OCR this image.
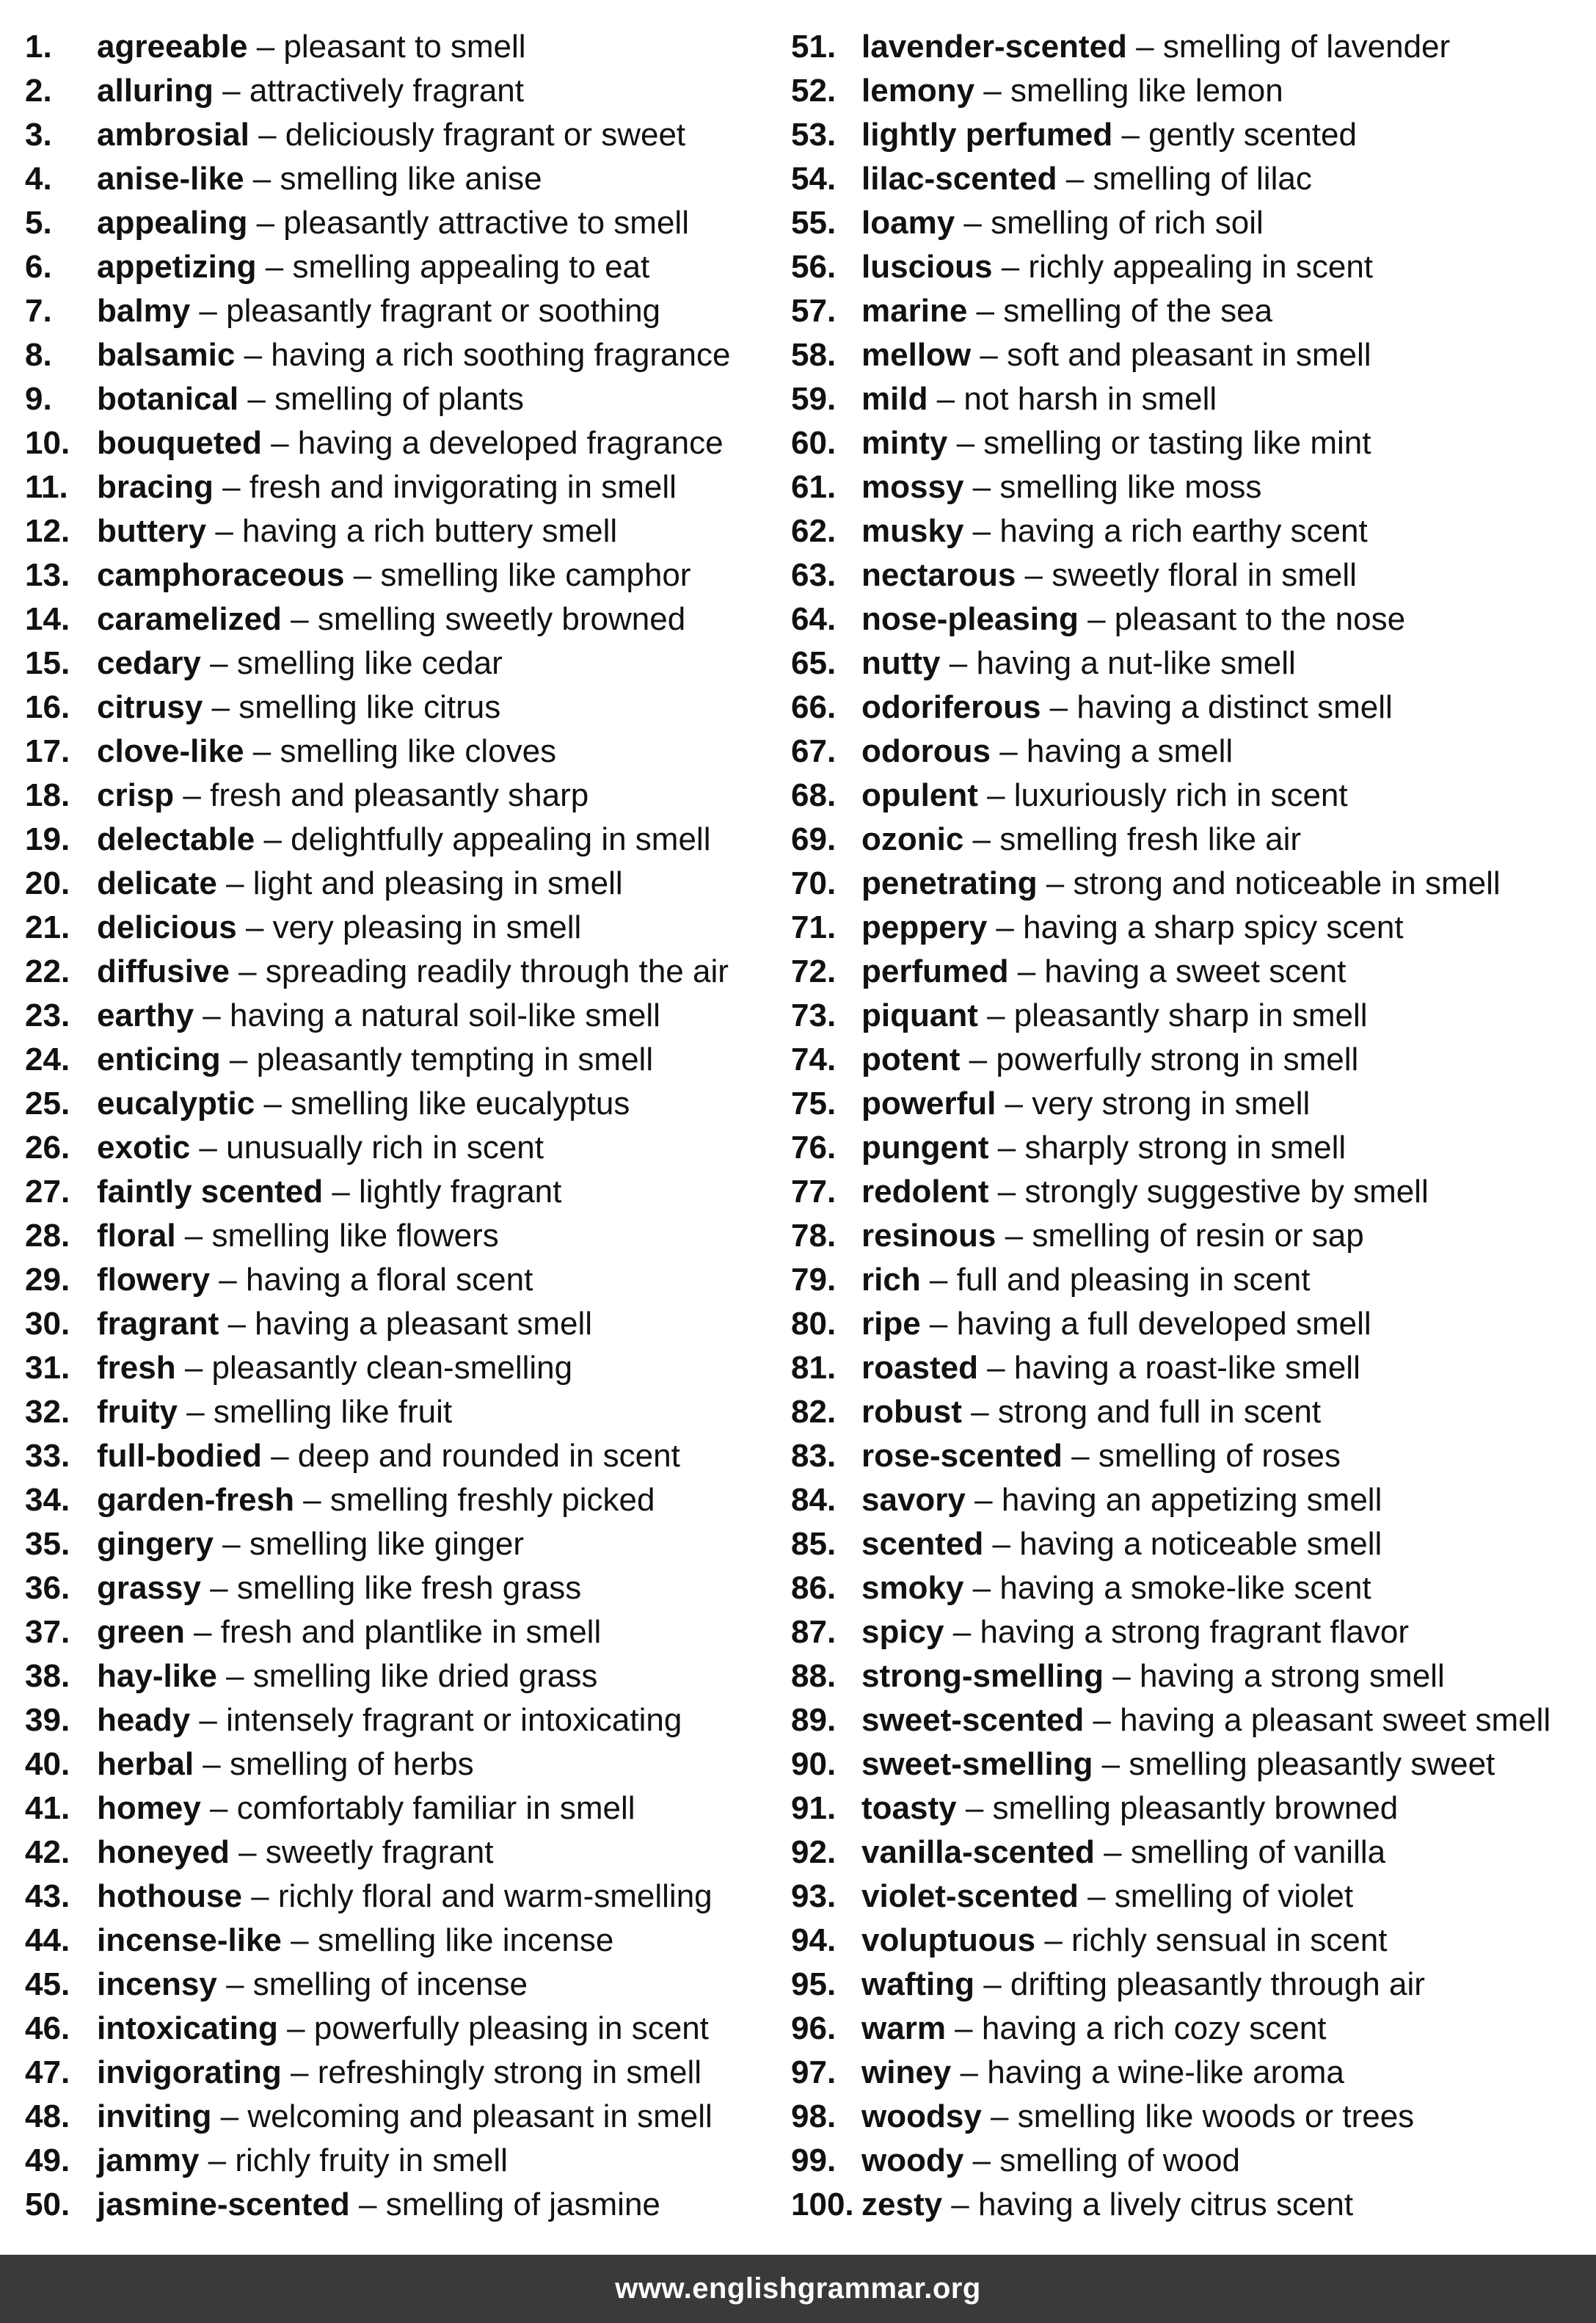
1.	agreeable – pleasant to smell
2.	alluring – attractively fragrant
3.	ambrosial – deliciously fragrant or sweet
4.	anise-like – smelling like anise
5.	appealing – pleasantly attractive to smell
6.	appetizing – smelling appealing to eat
7.	balmy – pleasantly fragrant or soothing
8.	balsamic – having a rich soothing fragrance
9.	botanical – smelling of plants
10. bouqueted – having a developed fragrance
11. bracing – fresh and invigorating in smell
12. buttery – having a rich buttery smell
13. camphoraceous – smelling like camphor
14. caramelized – smelling sweetly browned
15. cedary – smelling like cedar
16. citrusy – smelling like citrus
17. clove-like – smelling like cloves
18. crisp – fresh and pleasantly sharp
19. delectable – delightfully appealing in smell
20. delicate – light and pleasing in smell
21. delicious – very pleasing in smell
22. diffusive – spreading readily through the air
23. earthy – having a natural soil-like smell
24. enticing – pleasantly tempting in smell
25. eucalyptic – smelling like eucalyptus
26. exotic – unusually rich in scent
27. faintly scented – lightly fragrant
28. floral – smelling like flowers
29. flowery – having a floral scent
30. fragrant – having a pleasant smell
31. fresh – pleasantly clean-smelling
32. fruity – smelling like fruit
33. full-bodied – deep and rounded in scent
34. garden-fresh – smelling freshly picked
35. gingery – smelling like ginger
36. grassy – smelling like fresh grass
37. green – fresh and plantlike in smell
38. hay-like – smelling like dried grass
39. heady – intensely fragrant or intoxicating
40. herbal – smelling of herbs
41. homey – comfortably familiar in smell
42. honeyed – sweetly fragrant
43. hothouse – richly floral and warm-smelling
44. incense-like – smelling like incense
45. incensy – smelling of incense
46. intoxicating – powerfully pleasing in scent
47. invigorating – refreshingly strong in smell
48. inviting – welcoming and pleasant in smell
49. jammy – richly fruity in smell
50. jasmine-scented – smelling of jasmine
51. lavender-scented – smelling of lavender
52. lemony – smelling like lemon
53. lightly perfumed – gently scented
54. lilac-scented – smelling of lilac
55. loamy – smelling of rich soil
56. luscious – richly appealing in scent
57. marine – smelling of the sea
58. mellow – soft and pleasant in smell
59. mild – not harsh in smell
60. minty – smelling or tasting like mint
61. mossy – smelling like moss
62. musky – having a rich earthy scent
63. nectarous – sweetly floral in smell
64. nose-pleasing – pleasant to the nose
65. nutty – having a nut-like smell
66. odoriferous – having a distinct smell
67. odorous – having a smell
68. opulent – luxuriously rich in scent
69. ozonic – smelling fresh like air
70. penetrating – strong and noticeable in smell
71. peppery – having a sharp spicy scent
72. perfumed – having a sweet scent
73. piquant – pleasantly sharp in smell
74. potent – powerfully strong in smell
75. powerful – very strong in smell
76. pungent – sharply strong in smell
77. redolent – strongly suggestive by smell
78. resinous – smelling of resin or sap
79. rich – full and pleasing in scent
80. ripe – having a full developed smell
81. roasted – having a roast-like smell
82. robust – strong and full in scent
83. rose-scented – smelling of roses
84. savory – having an appetizing smell
85. scented – having a noticeable smell
86. smoky – having a smoke-like scent
87. spicy – having a strong fragrant flavor
88. strong-smelling – having a strong smell
89. sweet-scented – having a pleasant sweet smell
90. sweet-smelling – smelling pleasantly sweet
91. toasty – smelling pleasantly browned
92. vanilla-scented – smelling of vanilla
93. violet-scented – smelling of violet
94. voluptuous – richly sensual in scent
95. wafting – drifting pleasantly through air
96. warm – having a rich cozy scent
97. winey – having a wine-like aroma
98. woodsy – smelling like woods or trees
99. woody – smelling of wood
100. zesty – having a lively citrus scent
www.englishgrammar.org
